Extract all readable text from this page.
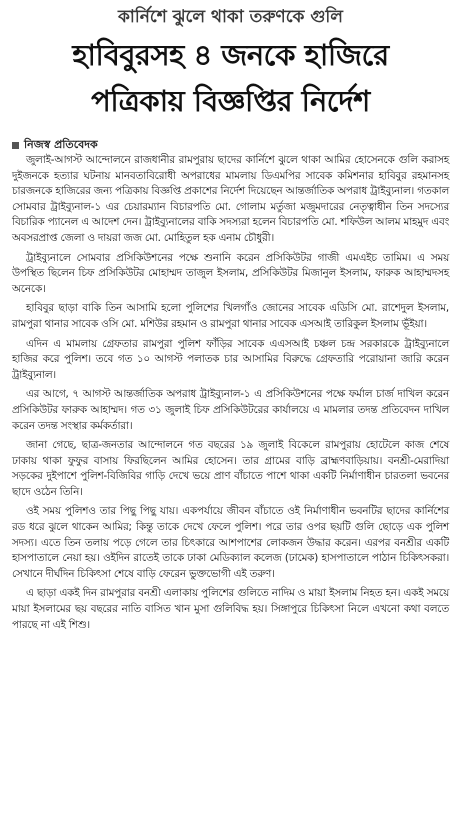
কার্নিশে ঝুলে থাকা তরুণকে গুলি
হাবিবুরসহ ৪ জনকে হাজিরে
পত্রিকায় বিজ্ঞপ্তির নির্দেশ
নিজস্ব প্রতিবেদক

জুলাই-আগস্ট আন্দোলনে রাজধানীর রামপুরায় ছাদের কার্নিশে ঝুলে থাকা আমির হোসেনকে গুলি করাসহ দুইজনকে হত্যার ঘটনায় মানবতাবিরোধী অপরাধের মামলায় ডিএমপির সাবেক কমিশনার হাবিবুর রহমানসহ চারজনকে হাজিরের জন্য পত্রিকায় বিজ্ঞপ্তি প্রকাশের নির্দেশ দিয়েছেন আন্তর্জাতিক অপরাধ ট্রাইব্যুনাল। গতকাল সোমবার ট্রাইব্যুনাল-১ এর চেয়ারম্যান বিচারপতি মো. গোলাম মর্তুজা মজুমদারের নেতৃত্বাধীন তিন সদস্যের বিচারিক প্যানেল এ আদেশ দেন। ট্রাইব্যুনালের বাকি সদস্যরা হলেন বিচারপতি মো. শফিউল আলম মাহমুদ এবং অবসরপ্রাপ্ত জেলা ও দায়রা জজ মো. মোহিতুল হক এনাম চৌধুরী।

ট্রাইব্যুনালে সোমবার প্রসিকিউশনের পক্ষে শুনানি করেন প্রসিকিউটর গাজী এমএইচ তামিম। এ সময় উপস্থিত ছিলেন চিফ প্রসিকিউটর মোহাম্মদ তাজুল ইসলাম, প্রসিকিউটর মিজানুল ইসলাম, ফারুক আহাম্মদসহ অনেকে।

হাবিবুর ছাড়া বাকি তিন আসামি হলো পুলিশের খিলগাঁও জোনের সাবেক এডিসি মো. রাশেদুল ইসলাম, রামপুরা থানার সাবেক ওসি মো. মশিউর রহমান ও রামপুরা থানার সাবেক এসআই তারিকুল ইসলাম ভূঁইয়া।

এদিন এ মামলায় গ্রেফতার রামপুরা পুলিশ ফাঁড়ির সাবেক এএসআই চঞ্চল চন্দ্র সরকারকে ট্রাইব্যুনালে হাজির করে পুলিশ। তবে গত ১০ আগস্ট পলাতক চার আসামির বিরুদ্ধে গ্রেফতারি পরোয়ানা জারি করেন ট্রাইব্যুনাল।

এর আগে, ৭ আগস্ট আন্তর্জাতিক অপরাধ ট্রাইব্যুনাল-১ এ প্রসিকিউশনের পক্ষে ফর্মাল চার্জ দাখিল করেন প্রসিকিউটর ফারুক আহাম্মদ। গত ৩১ জুলাই চিফ প্রসিকিউটরের কার্যালয়ে এ মামলার তদন্ত প্রতিবেদন দাখিল করেন তদন্ত সংস্থার কর্মকর্তারা।

জানা গেছে, ছাত্র-জনতার আন্দোলনে গত বছরের ১৯ জুলাই বিকেলে রামপুরায় হোটেলে কাজ শেষে ঢাকায় থাকা ফুফুর বাসায় ফিরছিলেন আমির হোসেন। তার গ্রামের বাড়ি ব্রাহ্মণবাড়িয়ায়। বনশ্রী-মেরাদিয়া সড়কের দুইপাশে পুলিশ-বিজিবির গাড়ি দেখে ভয়ে প্রাণ বাঁচাতে পাশে থাকা একটি নির্মাণাধীন চারতলা ভবনের ছাদে ওঠেন তিনি।

ওই সময় পুলিশও তার পিছু পিছু যায়। একপর্যায়ে জীবন বাঁচাতে ওই নির্মাণাধীন ভবনটির ছাদের কার্নিশের রড ধরে ঝুলে থাকেন আমির; কিন্তু তাকে দেখে ফেলে পুলিশ। পরে তার ওপর ছয়টি গুলি ছোড়ে এক পুলিশ সদস্য। এতে তিন তলায় পড়ে গেলে তার চিৎকারে আশপাশের লোকজন উদ্ধার করেন। এরপর বনশ্রীর একটি হাসপাতালে নেয়া হয়। ওইদিন রাতেই তাকে ঢাকা মেডিক্যাল কলেজ (ঢামেক) হাসপাতালে পাঠান চিকিৎসকরা। সেখানে দীর্ঘদিন চিকিৎসা শেষে বাড়ি ফেরেন ভুক্তভোগী এই তরুণ।

এ ছাড়া একই দিন রামপুরার বনশ্রী এলাকায় পুলিশের গুলিতে নাদিম ও মায়া ইসলাম নিহত হন। একই সময়ে মায়া ইসলামের ছয় বছরের নাতি বাসিত খান মুসা গুলিবিদ্ধ হয়। সিঙ্গাপুরে চিকিৎসা নিলে এখনো কথা বলতে পারছে না এই শিশু।
